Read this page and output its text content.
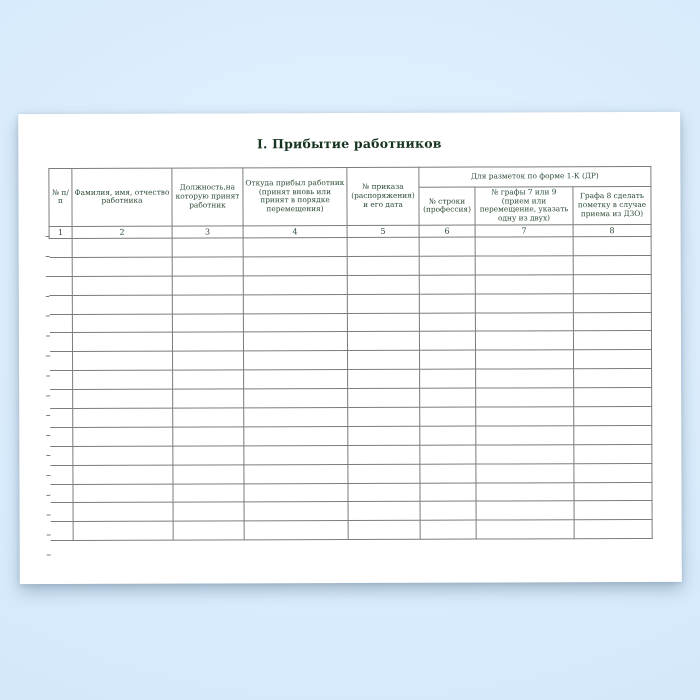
I. Прибытие работников
№ п/п	Фамилия, имя, отчество работника	Должность,на которую принят работник	Откуда прибыл работник (принят вновь или принят в порядке перемещения)	№ приказа (распоряжения) и его дата	Для разметок по форме 1-К (ДР)		
					№ строки (профессия)	№ графы 7 или 9 (прием или перемещение, указать одну из двух)	Графа 8 сделать пометку в случае приема из ДЗО)
1	2	3	4	5	6	7	8
